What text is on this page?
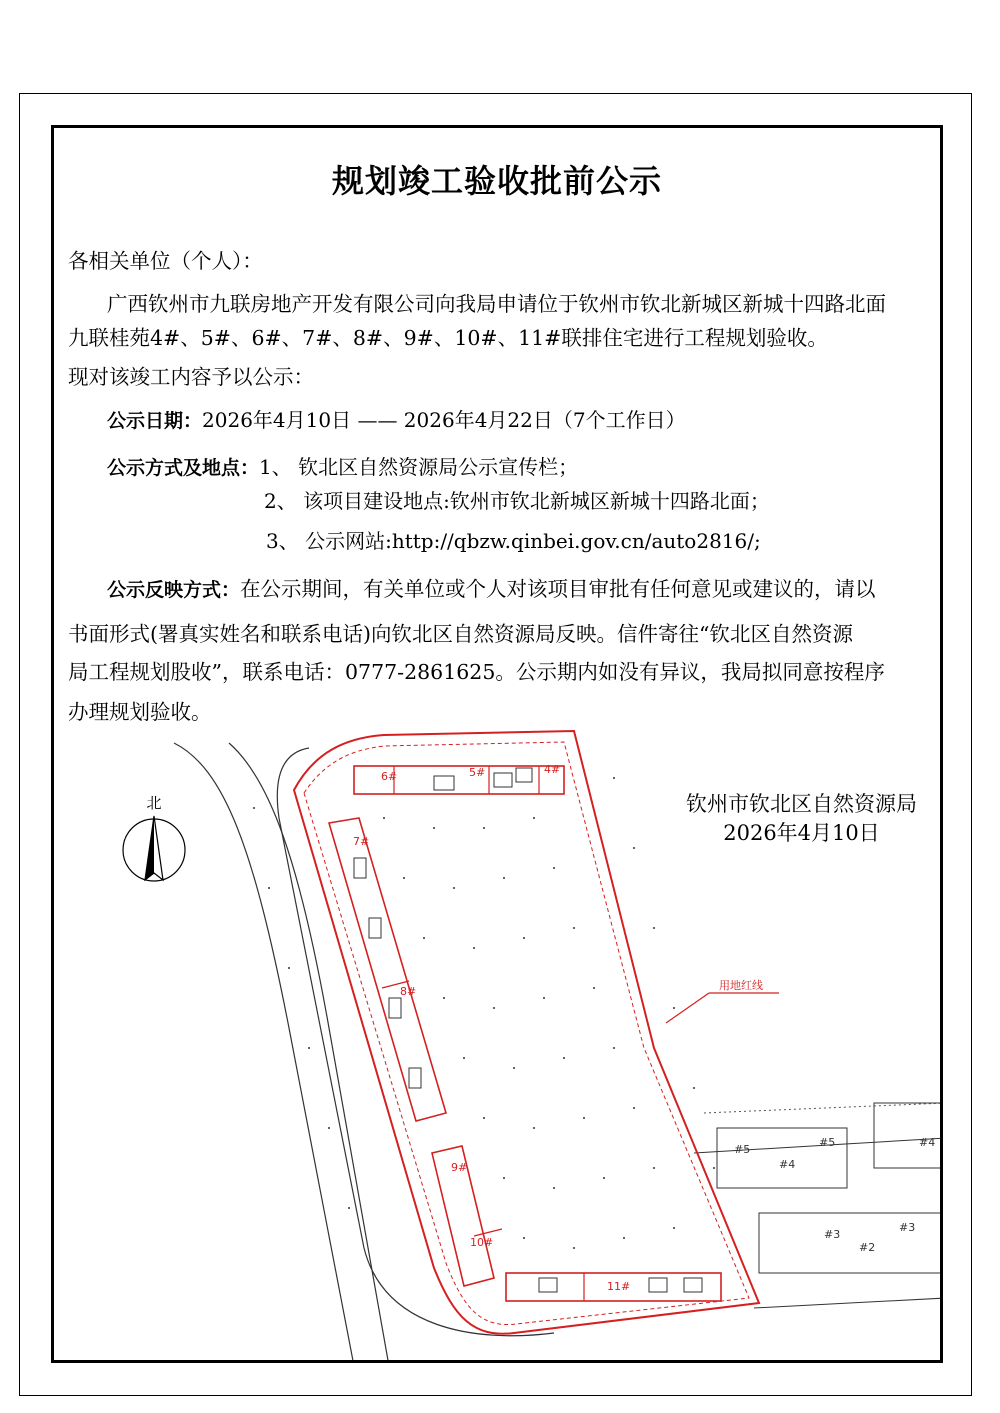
6#	5#	4#
7#
8#
9#
10#
11#
用地红线
#5
#5
#4
#4
#3
#3
#2
北
规划竣工验收批前公示
各相关单位（个人）：
广西钦州市九联房地产开发有限公司向我局申请位于钦州市钦北新城区新城十四路北面
九联桂苑4#、5#、6#、7#、8#、9#、10#、11#联排住宅进行工程规划验收。
现对该竣工内容予以公示：
公示日期：2026年4月10日 —— 2026年4月22日（7个工作日）
公示方式及地点：1、 钦北区自然资源局公示宣传栏；
2、 该项目建设地点:钦州市钦北新城区新城十四路北面；
3、 公示网站:http://qbzw.qinbei.gov.cn/auto2816/;
公示反映方式：在公示期间，有关单位或个人对该项目审批有任何意见或建议的，请以
书面形式(署真实姓名和联系电话)向钦北区自然资源局反映。信件寄往“钦北区自然资源
局工程规划股收”，联系电话：0777-2861625。公示期内如没有异议，我局拟同意按程序
办理规划验收。
钦州市钦北区自然资源局
2026年4月10日
